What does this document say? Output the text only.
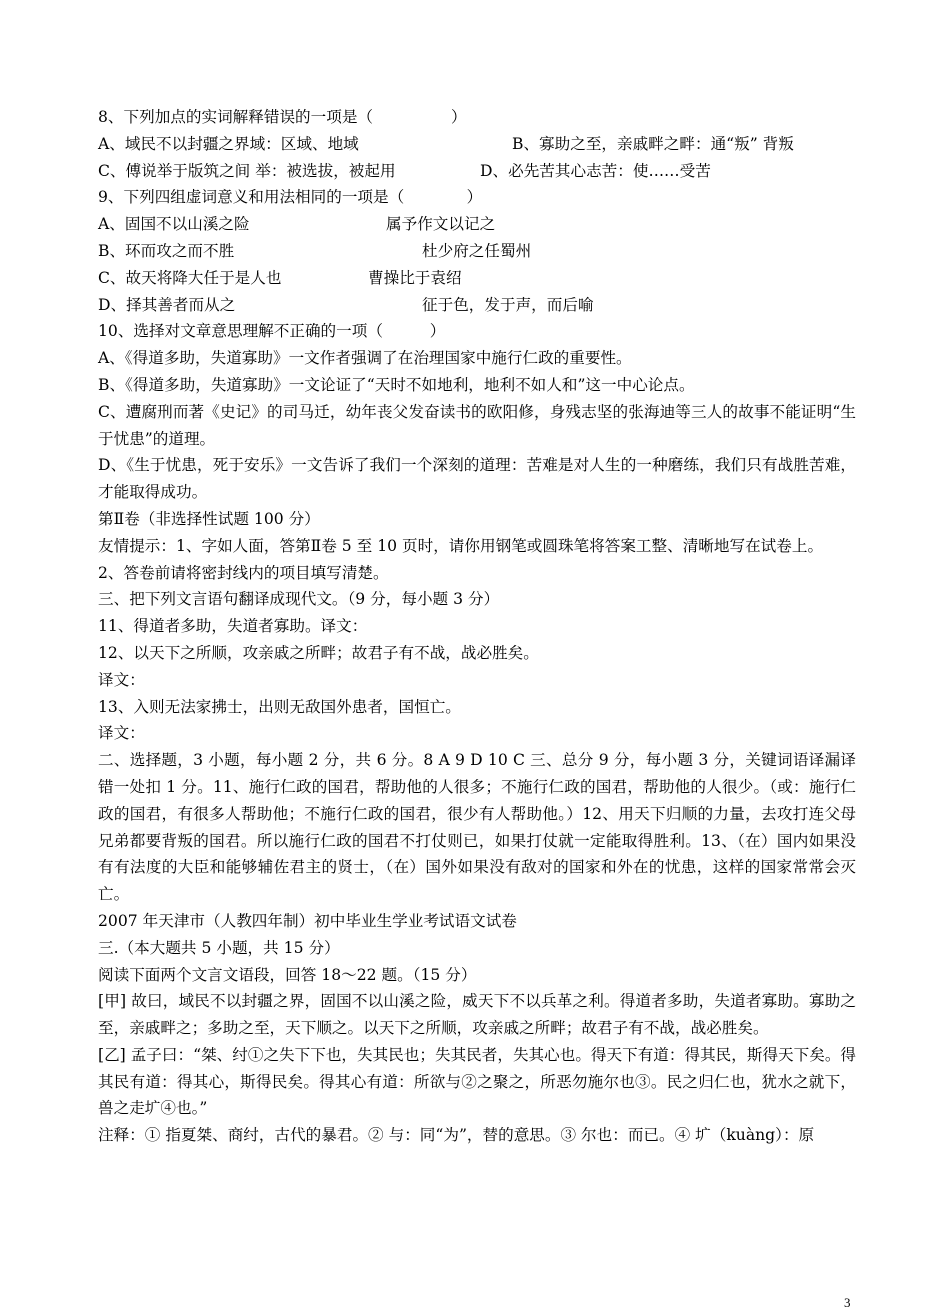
8、下列加点的实词解释错误的一项是（　　　　　）
A、域民不以封疆之界域：区域、地域	B、寡助之至，亲戚畔之畔：通“叛” 背叛
C、傅说举于版筑之间 举：被选拔，被起用	D、必先苦其心志苦：使……受苦
9、下列四组虚词意义和用法相同的一项是（　　　　）
A、固国不以山溪之险	属予作文以记之
B、环而攻之而不胜	杜少府之任蜀州
C、故天将降大任于是人也	曹操比于袁绍
D、择其善者而从之	征于色，发于声，而后喻
10、选择对文章意思理解不正确的一项（　　　）
A、《得道多助，失道寡助》一文作者强调了在治理国家中施行仁政的重要性。
B、《得道多助，失道寡助》一文论证了“天时不如地利，地利不如人和”这一中心论点。
C、遭腐刑而著《史记》的司马迁，幼年丧父发奋读书的欧阳修，身残志坚的张海迪等三人的故事不能证明“生于忧患”的道理。
D、《生于忧患，死于安乐》一文告诉了我们一个深刻的道理：苦难是对人生的一种磨练，我们只有战胜苦难，才能取得成功。
第Ⅱ卷（非选择性试题 100 分）
友情提示：1、字如人面，答第Ⅱ卷 5 至 10 页时，请你用钢笔或圆珠笔将答案工整、清晰地写在试卷上。
2、答卷前请将密封线内的项目填写清楚。
三、把下列文言语句翻译成现代文。（9 分，每小题 3 分）
11、得道者多助，失道者寡助。译文：
12、以天下之所顺，攻亲戚之所畔；故君子有不战，战必胜矣。
译文：
13、入则无法家拂士，出则无敌国外患者，国恒亡。
译文：
二、选择题，3 小题，每小题 2 分，共 6 分。8 A 9 D 10 C 三、总分 9 分，每小题 3 分，关键词语译漏译错一处扣 1 分。11、施行仁政的国君，帮助他的人很多；不施行仁政的国君，帮助他的人很少。（或：施行仁政的国君，有很多人帮助他；不施行仁政的国君，很少有人帮助他。）12、用天下归顺的力量，去攻打连父母兄弟都要背叛的国君。所以施行仁政的国君不打仗则已，如果打仗就一定能取得胜利。13、（在）国内如果没有有法度的大臣和能够辅佐君主的贤士，（在）国外如果没有敌对的国家和外在的忧患，这样的国家常常会灭亡。
2007 年天津市（人教四年制）初中毕业生学业考试语文试卷
三.（本大题共 5 小题，共 15 分）
阅读下面两个文言文语段，回答 18～22 题。（15 分）
[甲] 故曰，域民不以封疆之界，固国不以山溪之险，威天下不以兵革之利。得道者多助，失道者寡助。寡助之至，亲戚畔之；多助之至，天下顺之。以天下之所顺，攻亲戚之所畔；故君子有不战，战必胜矣。
[乙] 孟子曰：“桀、纣①之失下下也，失其民也；失其民者，失其心也。得天下有道：得其民，斯得天下矣。得其民有道：得其心，斯得民矣。得其心有道：所欲与②之聚之，所恶勿施尔也③。民之归仁也，犹水之就下，兽之走圹④也。”
注释：① 指夏桀、商纣，古代的暴君。② 与：同“为”，替的意思。③ 尔也：而已。④ 圹（kuàng）：原
3
